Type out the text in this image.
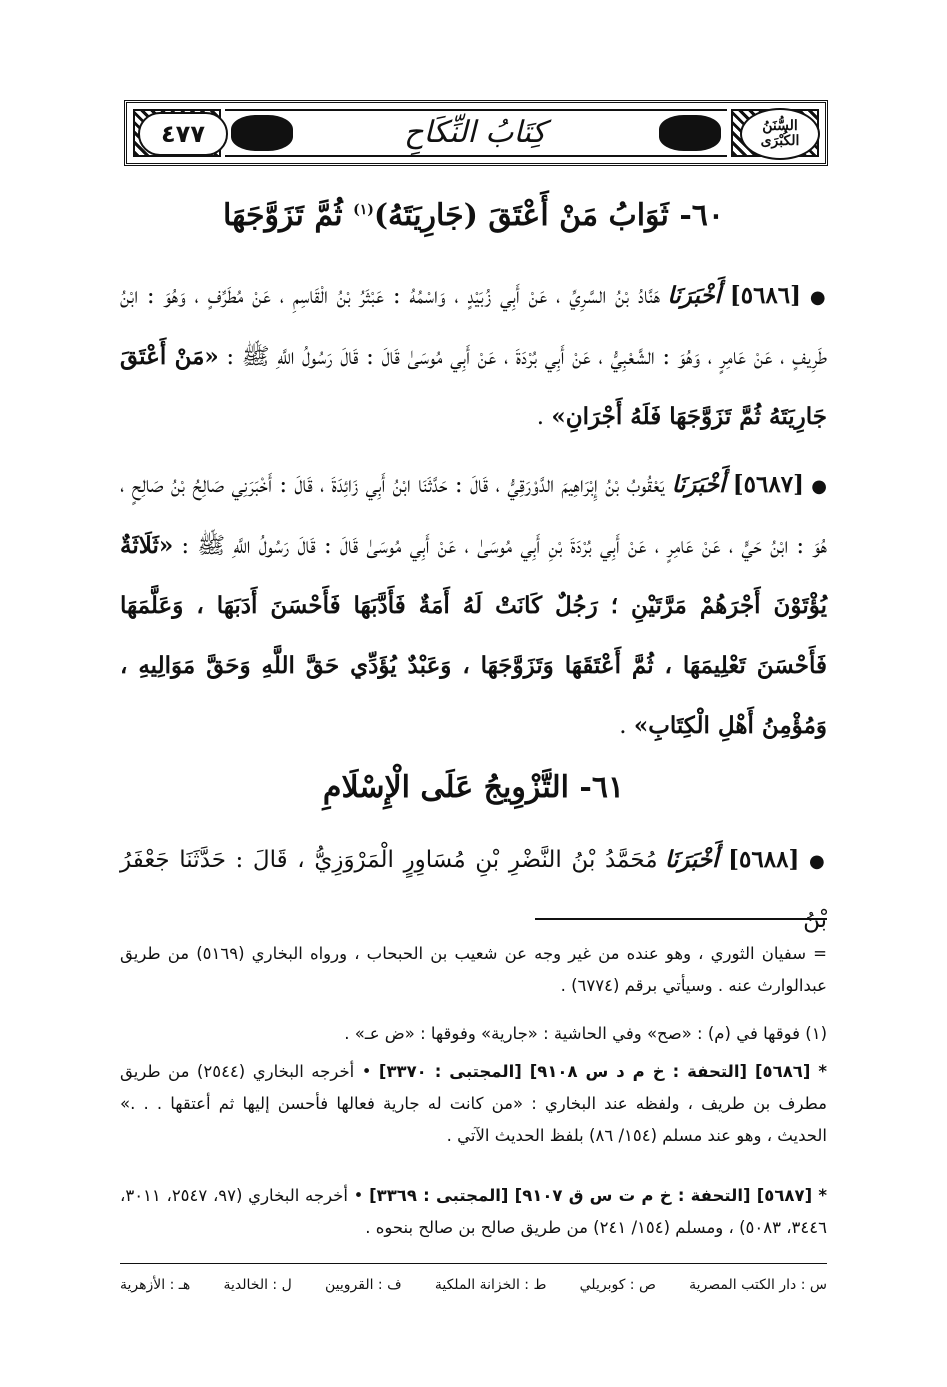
٤٧٧	كِتَابُ النِّكَاحِ	السُّنَنُ الكُبْرَى
٦٠- ثَوَابُ مَنْ أَعْتَقَ (جَارِيَتَهُ)$^{(١)}$ ثُمَّ تَزَوَّجَهَا
● [٥٦٨٦] أَخْبَرَنَا هَنَّادُ بْنُ السَّرِيِّ ، عَنْ أَبِي زُبَيْدٍ ، وَاسْمُهُ : عَبْثَرُ بْنُ الْقَاسِمِ ، عَنْ مُطَرِّفٍ ، وَهُوَ : ابْنُ طَرِيفٍ ، عَنْ عَامِرٍ ، وَهُوَ : الشَّعْبِيُّ ، عَنْ أَبِي بُرْدَةَ ، عَنْ أَبِي مُوسَىٰ قَالَ : قَالَ رَسُولُ اللَّهِ ﷺ : «مَنْ أَعْتَقَ جَارِيَتَهُ ثُمَّ تَزَوَّجَهَا فَلَهُ أَجْرَانِ» .
● [٥٦٨٧] أَخْبَرَنَا يَعْقُوبُ بْنُ إِبْرَاهِيمَ الدَّوْرَقِيُّ ، قَالَ : حَدَّثَنَا ابْنُ أَبِي زَائِدَةَ ، قَالَ : أَخْبَرَنِي صَالِحُ بْنُ صَالِحٍ ، هُوَ : ابْنُ حَيٍّ ، عَنْ عَامِرٍ ، عَنْ أَبِي بُرْدَةَ بْنِ أَبِي مُوسَىٰ ، عَنْ أَبِي مُوسَىٰ قَالَ : قَالَ رَسُولُ اللَّهِ ﷺ : «ثَلَاثَةٌ يُؤْتَوْنَ أَجْرَهُمْ مَرَّتَيْنِ ؛ رَجُلٌ كَانَتْ لَهُ أَمَةٌ فَأَدَّبَهَا فَأَحْسَنَ أَدَبَهَا ، وَعَلَّمَهَا فَأَحْسَنَ تَعْلِيمَهَا ، ثُمَّ أَعْتَقَهَا وَتَزَوَّجَهَا ، وَعَبْدٌ يُؤَدِّي حَقَّ اللَّهِ وَحَقَّ مَوَالِيهِ ، وَمُؤْمِنُ أَهْلِ الْكِتَابِ» .
٦١- التَّزْوِيجُ عَلَى الْإِسْلَامِ
● [٥٦٨٨] أَخْبَرَنَا مُحَمَّدُ بْنُ النَّضْرِ بْنِ مُسَاوِرٍ الْمَرْوَزِيُّ ، قَالَ : حَدَّثَنَا جَعْفَرُ بْنُ
= سفيان الثوري ، وهو عنده من غير وجه عن شعيب بن الحبحاب ، ورواه البخاري (٥١٦٩) من طريق عبدالوارث عنه . وسيأتي برقم (٦٧٧٤) .
(١) فوقها في (م) : «صح» وفي الحاشية : «جارية» وفوقها : «ض عـ» .
* [٥٦٨٦] [التحفة : خ م د س ٩١٠٨] [المجتبى : ٣٣٧٠] • أخرجه البخاري (٢٥٤٤) من طريق مطرف بن طريف ، ولفظه عند البخاري : «من كانت له جارية فعالها فأحسن إليها ثم أعتقها . . .» الحديث ، وهو عند مسلم (١٥٤/ ٨٦) بلفظ الحديث الآتي .
* [٥٦٨٧] [التحفة : خ م ت س ق ٩١٠٧] [المجتبى : ٣٣٦٩] • أخرجه البخاري (٩٧، ٢٥٤٧، ٣٠١١، ٣٤٤٦، ٥٠٨٣) ، ومسلم (١٥٤/ ٢٤١) من طريق صالح بن صالح بنحوه .
س : دار الكتب المصرية
ص : كوبريلي
ط : الخزانة الملكية
ف : القرويين
ل : الخالدية
هـ : الأزهرية
